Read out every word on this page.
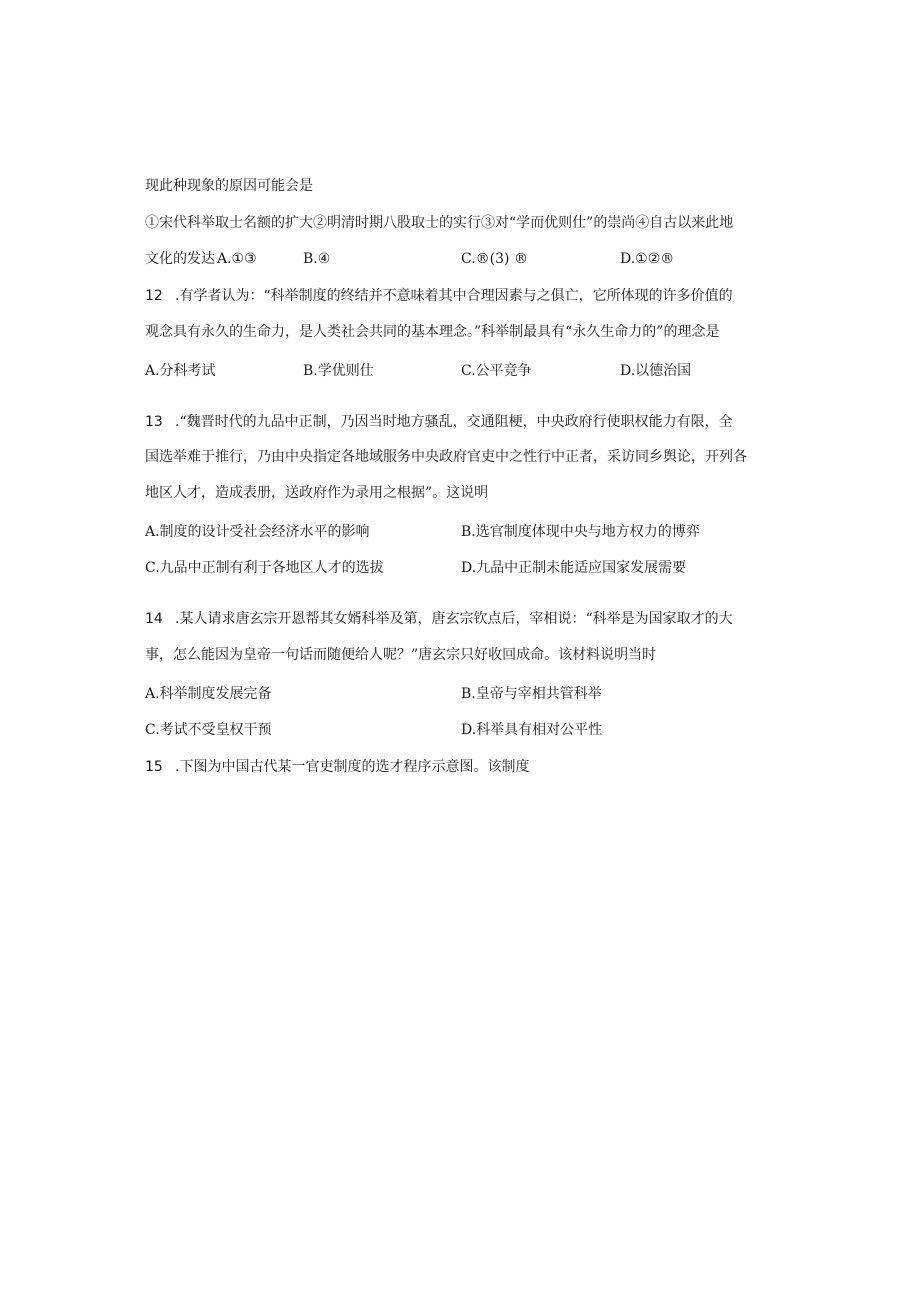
现此种现象的原因可能会是
①宋代科举取士名额的扩大②明清时期八股取士的实行③对“学而优则仕”的崇尚④自古以来此地
文化的发达 A.①③	B.④	C.®(3) ®	D.①②®
12 .有学者认为：“科举制度的终结并不意味着其中合理因素与之俱亡，它所体现的许多价值的
观念具有永久的生命力，是人类社会共同的基本理念。”科举制最具有“永久生命力的”的理念是
A.分科考试	B.学优则仕	C.公平竞争	D.以德治国
13 .“魏晋时代的九品中正制，乃因当时地方骚乱，交通阻梗，中央政府行使职权能力有限，全
国选举难于推行，乃由中央指定各地域服务中央政府官吏中之性行中正者，采访同乡舆论，开列各
地区人才，造成表册，送政府作为录用之根据”。这说明
A.制度的设计受社会经济水平的影响	B.选官制度体现中央与地方权力的博弈
C.九品中正制有利于各地区人才的选拔	D.九品中正制未能适应国家发展需要
14 .某人请求唐玄宗开恩帮其女婿科举及第，唐玄宗钦点后，宰相说：“科举是为国家取才的大
事，怎么能因为皇帝一句话而随便给人呢？”唐玄宗只好收回成命。该材料说明当时
A.科举制度发展完备	B.皇帝与宰相共管科举
C.考试不受皇权干预	D.科举具有相对公平性
15 .下图为中国古代某一官吏制度的选才程序示意图。该制度
